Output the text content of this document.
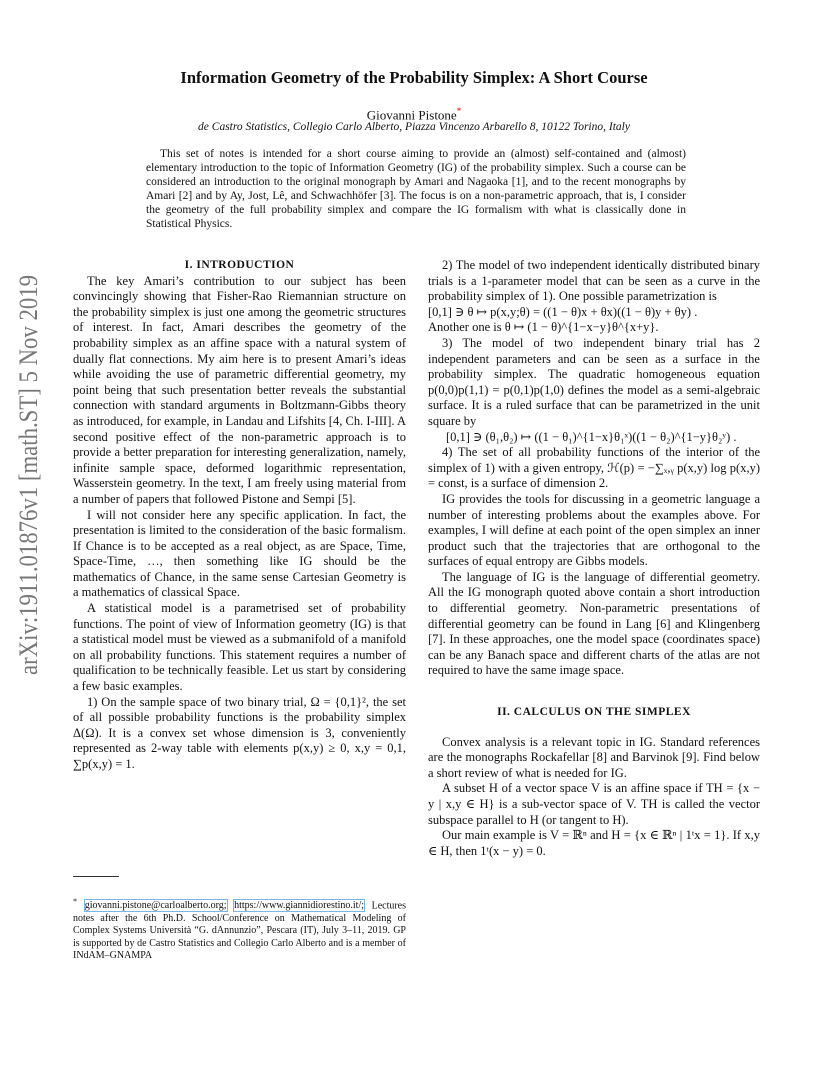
arXiv:1911.01876v1 [math.ST] 5 Nov 2019
Information Geometry of the Probability Simplex: A Short Course
Giovanni Pistone*
de Castro Statistics, Collegio Carlo Alberto, Piazza Vincenzo Arbarello 8, 10122 Torino, Italy
This set of notes is intended for a short course aiming to provide an (almost) self-contained and (almost) elementary introduction to the topic of Information Geometry (IG) of the probability simplex. Such a course can be considered an introduction to the original monograph by Amari and Nagaoka [1], and to the recent monographs by Amari [2] and by Ay, Jost, Lê, and Schwachhöfer [3]. The focus is on a non-parametric approach, that is, I consider the geometry of the full probability simplex and compare the IG formalism with what is classically done in Statistical Physics.

I. INTRODUCTION

The key Amari’s contribution to our subject has been convincingly showing that Fisher-Rao Riemannian structure on the probability simplex is just one among the geometric structures of interest. In fact, Amari describes the geometry of the probability simplex as an affine space with a natural system of dually flat connections. My aim here is to present Amari’s ideas while avoiding the use of parametric differential geometry, my point being that such presentation better reveals the substantial connection with standard arguments in Boltzmann-Gibbs theory as introduced, for example, in Landau and Lifshits [4, Ch. I-III]. A second positive effect of the non-parametric approach is to provide a better preparation for interesting generalization, namely, infinite sample space, deformed logarithmic representation, Wasserstein geometry. In the text, I am freely using material from a number of papers that followed Pistone and Sempi [5].

I will not consider here any specific application. In fact, the presentation is limited to the consideration of the basic formalism. If Chance is to be accepted as a real object, as are Space, Time, Space-Time, …, then something like IG should be the mathematics of Chance, in the same sense Cartesian Geometry is a mathematics of classical Space.

A statistical model is a parametrised set of probability functions. The point of view of Information geometry (IG) is that a statistical model must be viewed as a submanifold of a manifold on all probability functions. This statement requires a number of qualification to be technically feasible. Let us start by considering a few basic examples.

1) On the sample space of two binary trial, Ω = {0,1}², the set of all possible probability functions is the probability simplex Δ(Ω). It is a convex set whose dimension is 3, conveniently represented as 2-way table with elements p(x,y) ≥ 0, x,y = 0,1, ∑p(x,y) = 1.

2) The model of two independent identically distributed binary trials is a 1-parameter model that can be seen as a curve in the probability simplex of 1). One possible parametrization is

[0,1] ∋ θ ↦ p(x,y;θ) = ((1 − θ)x + θx)((1 − θ)y + θy) .

Another one is θ ↦ (1 − θ)^{1−x−y}θ^{x+y}.

3) The model of two independent binary trial has 2 independent parameters and can be seen as a surface in the probability simplex. The quadratic homogeneous equation p(0,0)p(1,1) = p(0,1)p(1,0) defines the model as a semi-algebraic surface. It is a ruled surface that can be parametrized in the unit square by

[0,1] ∋ (θ₁,θ₂) ↦ ((1 − θ₁)^{1−x}θ₁ˣ)((1 − θ₂)^{1−y}θ₂ʸ) .

4) The set of all probability functions of the interior of the simplex of 1) with a given entropy, ℋ(p) = −∑ₓ,ᵧ p(x,y) log p(x,y) = const, is a surface of dimension 2.

IG provides the tools for discussing in a geometric language a number of interesting problems about the examples above. For examples, I will define at each point of the open simplex an inner product such that the trajectories that are orthogonal to the surfaces of equal entropy are Gibbs models.

The language of IG is the language of differential geometry. All the IG monograph quoted above contain a short introduction to differential geometry. Non-parametric presentations of differential geometry can be found in Lang [6] and Klingenberg [7]. In these approaches, one the model space (coordinates space) can be any Banach space and different charts of the atlas are not required to have the same image space.

II. CALCULUS ON THE SIMPLEX

Convex analysis is a relevant topic in IG. Standard references are the monographs Rockafellar [8] and Barvinok [9]. Find below a short review of what is needed for IG.

A subset H of a vector space V is an affine space if TH = {x − y | x,y ∈ H} is a sub-vector space of V. TH is called the vector subspace parallel to H (or tangent to H).

Our main example is V = ℝⁿ and H = {x ∈ ℝⁿ | 1ᵗx = 1}. If x,y ∈ H, then 1ᵗ(x − y) = 0.

* giovanni.pistone@carloalberto.org; https://www.giannidiorestino.it/; Lectures notes after the 6th Ph.D. School/Conference on Mathematical Modeling of Complex Systems Università “G. dAnnunzio”, Pescara (IT), July 3–11, 2019. GP is supported by de Castro Statistics and Collegio Carlo Alberto and is a member of INdAM–GNAMPA
